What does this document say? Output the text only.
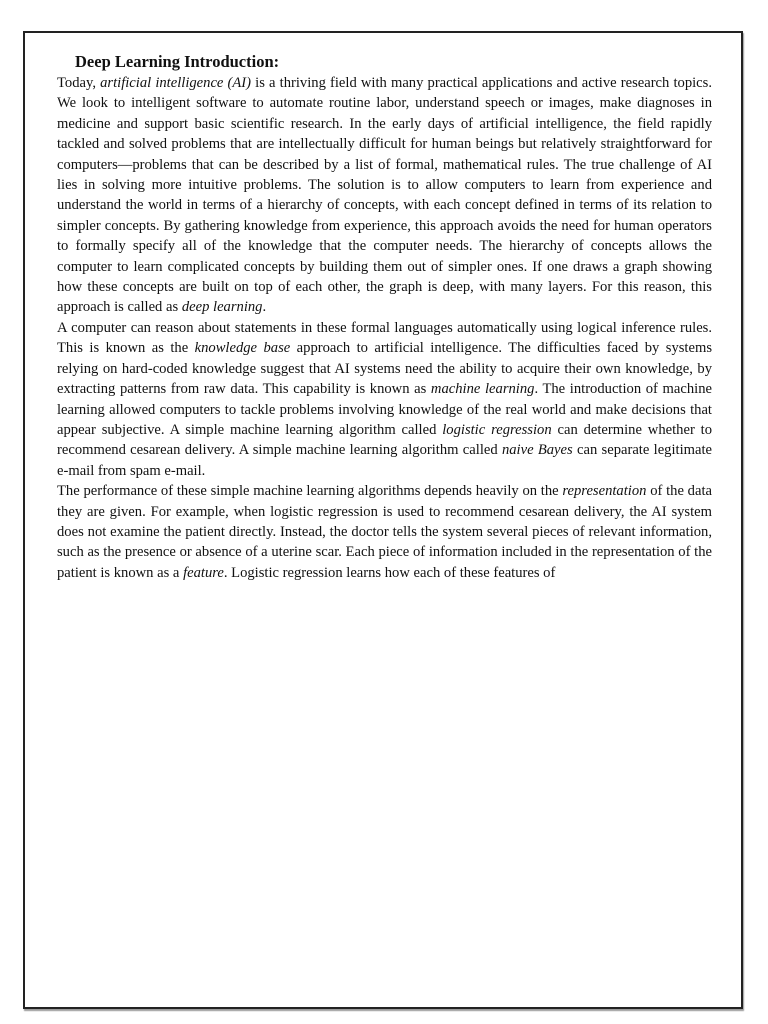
Deep Learning Introduction:

Today, artificial intelligence (AI) is a thriving field with many practical applications and active research topics. We look to intelligent software to automate routine labor, understand speech or images, make diagnoses in medicine and support basic scientific research. In the early days of artificial intelligence, the field rapidly tackled and solved problems that are intellectually difficult for human beings but relatively straightforward for computers—problems that can be described by a list of formal, mathematical rules. The true challenge of AI lies in solving more intuitive problems. The solution is to allow computers to learn from experience and understand the world in terms of a hierarchy of concepts, with each concept defined in terms of its relation to simpler concepts. By gathering knowledge from experience, this approach avoids the need for human operators to formally specify all of the knowledge that the computer needs. The hierarchy of concepts allows the computer to learn complicated concepts by building them out of simpler ones. If one draws a graph showing how these concepts are built on top of each other, the graph is deep, with many layers. For this reason, this approach is called as deep learning.

A computer can reason about statements in these formal languages automatically using logical inference rules. This is known as the knowledge base approach to artificial intelligence. The difficulties faced by systems relying on hard-coded knowledge suggest that AI systems need the ability to acquire their own knowledge, by extracting patterns from raw data. This capability is known as machine learning. The introduction of machine learning allowed computers to tackle problems involving knowledge of the real world and make decisions that appear subjective. A simple machine learning algorithm called logistic regression can determine whether to recommend cesarean delivery. A simple machine learning algorithm called naive Bayes can separate legitimate e-mail from spam e-mail.

The performance of these simple machine learning algorithms depends heavily on the representation of the data they are given. For example, when logistic regression is used to recommend cesarean delivery, the AI system does not examine the patient directly. Instead, the doctor tells the system several pieces of relevant information, such as the presence or absence of a uterine scar. Each piece of information included in the representation of the patient is known as a feature. Logistic regression learns how each of these features of
